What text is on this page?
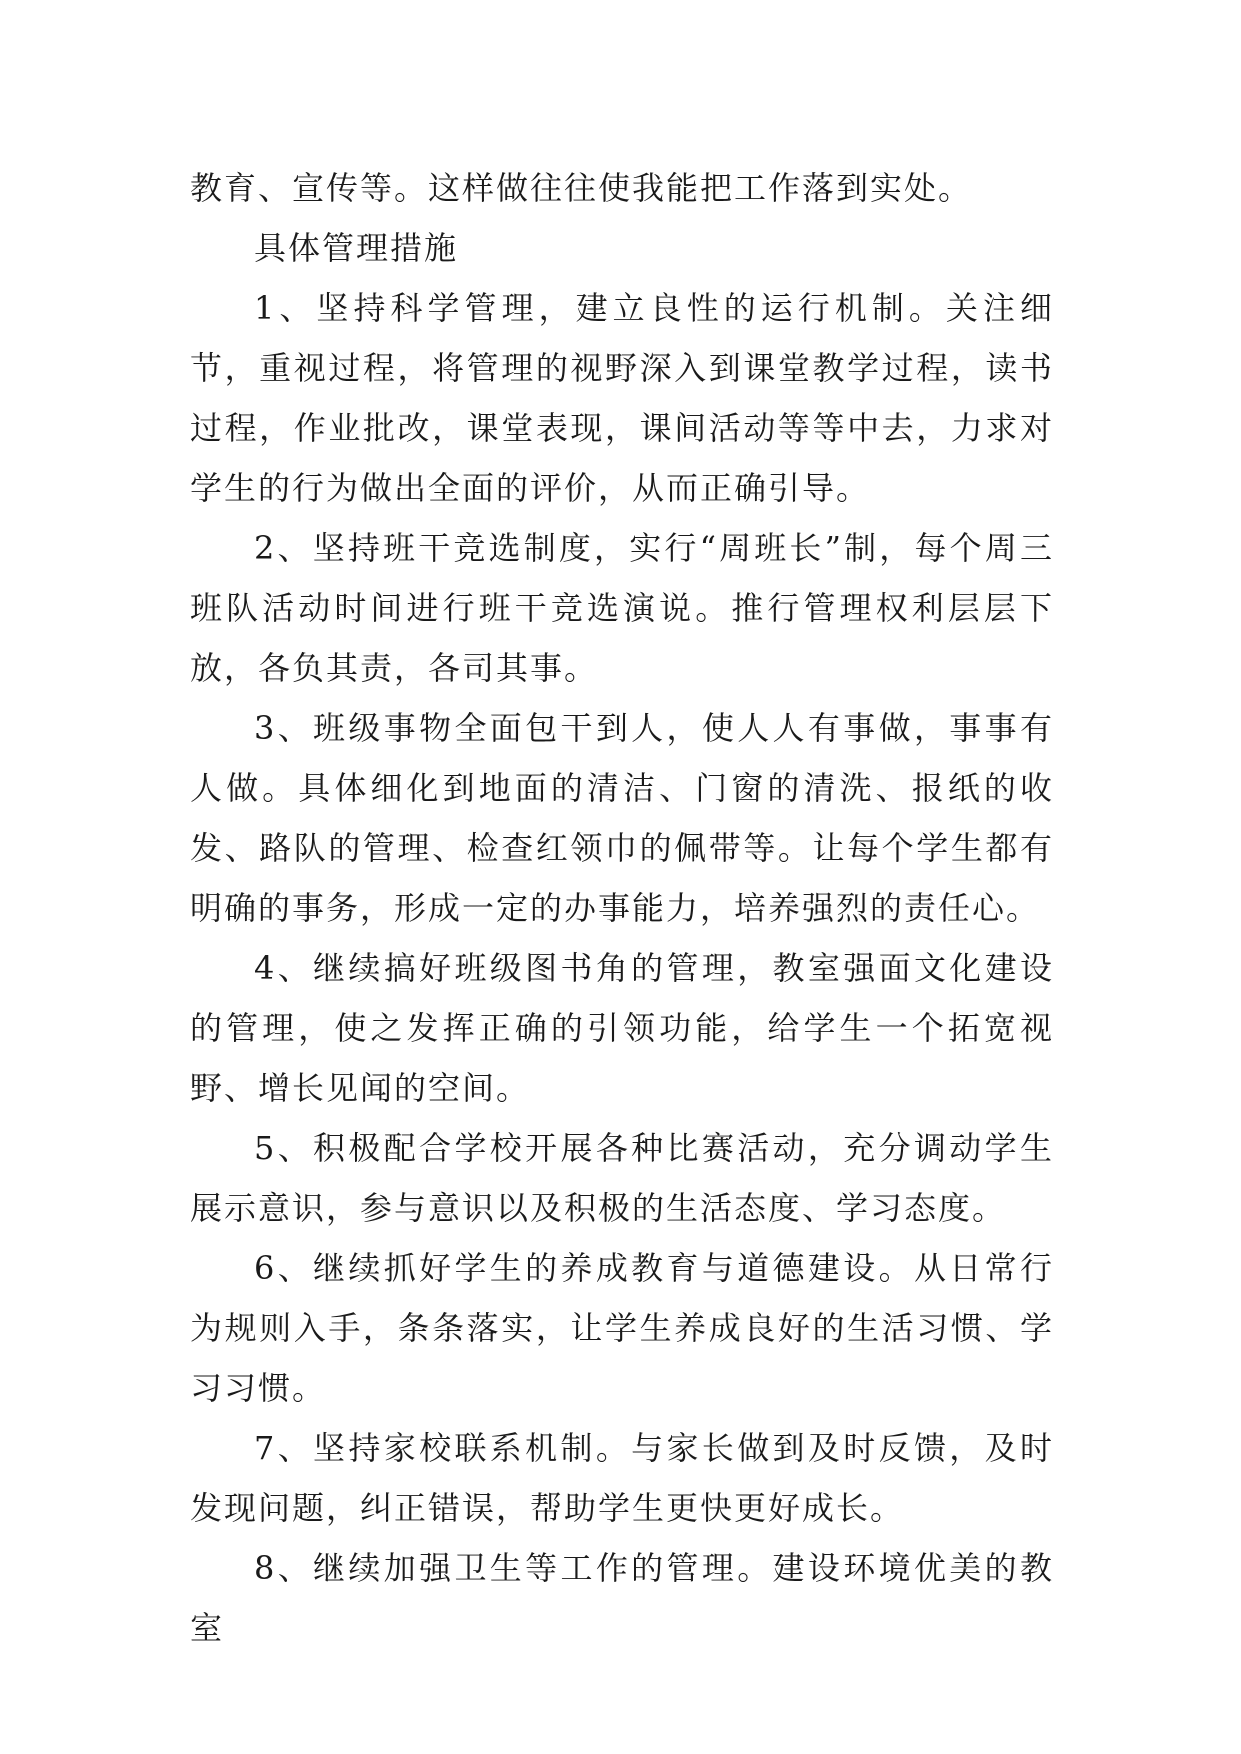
教育、宣传等。这样做往往使我能把工作落到实处。

具体管理措施

1、坚持科学管理，建立良性的运行机制。关注细节，重视过程，将管理的视野深入到课堂教学过程，读书过程，作业批改，课堂表现，课间活动等等中去，力求对学生的行为做出全面的评价，从而正确引导。

2、坚持班干竞选制度，实行“周班长”制，每个周三班队活动时间进行班干竞选演说。推行管理权利层层下放，各负其责，各司其事。

3、班级事物全面包干到人，使人人有事做，事事有人做。具体细化到地面的清洁、门窗的清洗、报纸的收发、路队的管理、检查红领巾的佩带等。让每个学生都有明确的事务，形成一定的办事能力，培养强烈的责任心。

4、继续搞好班级图书角的管理，教室强面文化建设的管理，使之发挥正确的引领功能，给学生一个拓宽视野、增长见闻的空间。

5、积极配合学校开展各种比赛活动，充分调动学生展示意识，参与意识以及积极的生活态度、学习态度。

6、继续抓好学生的养成教育与道德建设。从日常行为规则入手，条条落实，让学生养成良好的生活习惯、学习习惯。

7、坚持家校联系机制。与家长做到及时反馈，及时发现问题，纠正错误，帮助学生更快更好成长。

8、继续加强卫生等工作的管理。建设环境优美的教室
